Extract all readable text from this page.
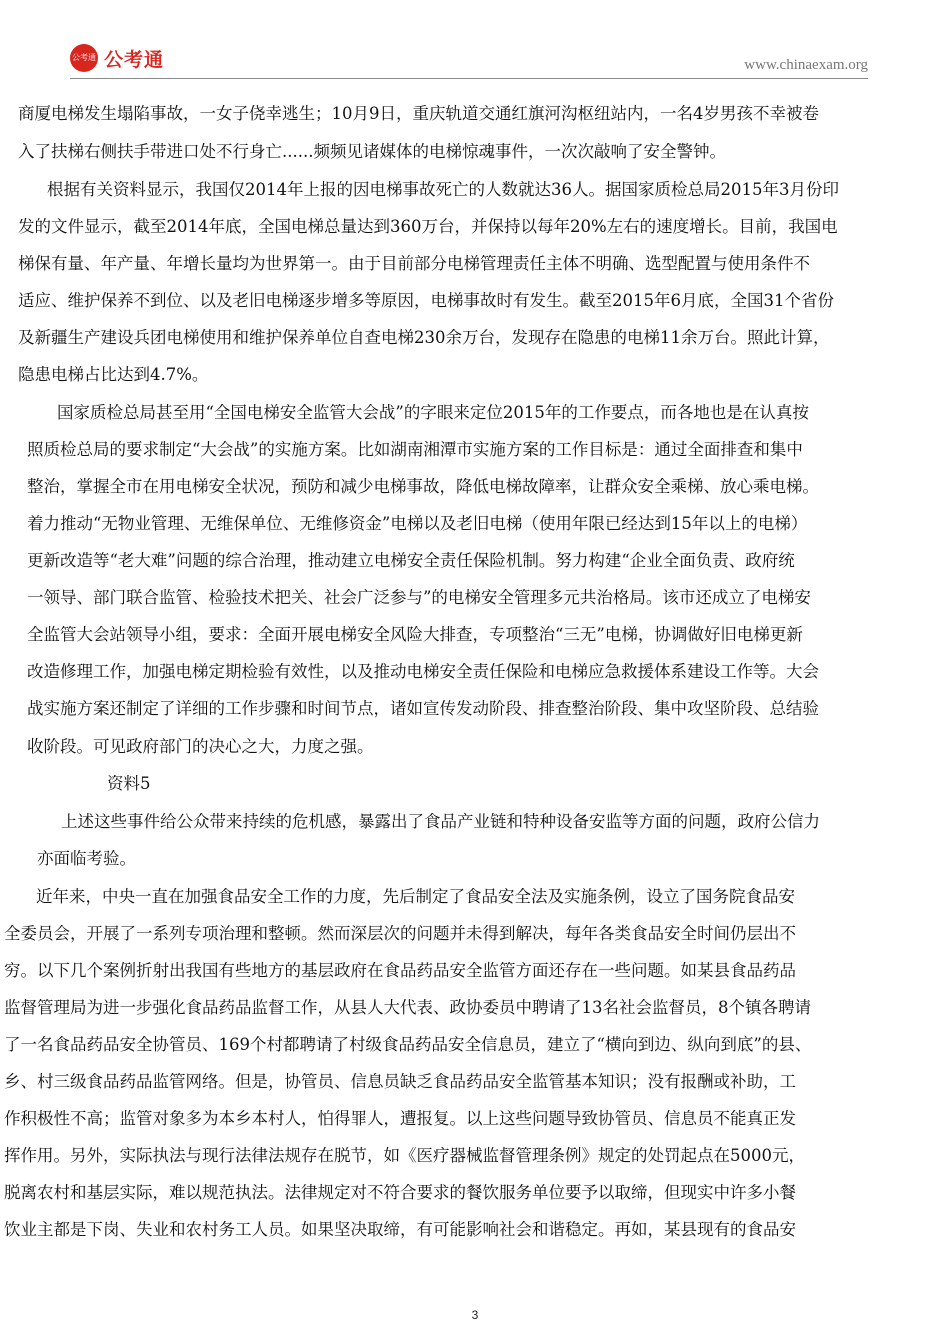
公考通 公考通	www.chinaexam.org
商厦电梯发生塌陷事故，一女子侥幸逃生；10月9日，重庆轨道交通红旗河沟枢纽站内，一名4岁男孩不幸被卷
入了扶梯右侧扶手带进口处不行身亡......频频见诸媒体的电梯惊魂事件，一次次敲响了安全警钟。
根据有关资料显示，我国仅2014年上报的因电梯事故死亡的人数就达36人。据国家质检总局2015年3月份印
发的文件显示，截至2014年底，全国电梯总量达到360万台，并保持以每年20%左右的速度增长。目前，我国电
梯保有量、年产量、年增长量均为世界第一。由于目前部分电梯管理责任主体不明确、选型配置与使用条件不
适应、维护保养不到位、以及老旧电梯逐步增多等原因，电梯事故时有发生。截至2015年6月底，全国31个省份
及新疆生产建设兵团电梯使用和维护保养单位自查电梯230余万台，发现存在隐患的电梯11余万台。照此计算，
隐患电梯占比达到4.7%。
国家质检总局甚至用“全国电梯安全监管大会战”的字眼来定位2015年的工作要点，而各地也是在认真按
照质检总局的要求制定“大会战”的实施方案。比如湖南湘潭市实施方案的工作目标是：通过全面排查和集中
整治，掌握全市在用电梯安全状况，预防和减少电梯事故，降低电梯故障率，让群众安全乘梯、放心乘电梯。
着力推动“无物业管理、无维保单位、无维修资金”电梯以及老旧电梯（使用年限已经达到15年以上的电梯）
更新改造等“老大难”问题的综合治理，推动建立电梯安全责任保险机制。努力构建“企业全面负责、政府统
一领导、部门联合监管、检验技术把关、社会广泛参与”的电梯安全管理多元共治格局。该市还成立了电梯安
全监管大会站领导小组，要求：全面开展电梯安全风险大排查，专项整治“三无”电梯，协调做好旧电梯更新
改造修理工作，加强电梯定期检验有效性，以及推动电梯安全责任保险和电梯应急救援体系建设工作等。大会
战实施方案还制定了详细的工作步骤和时间节点，诸如宣传发动阶段、排查整治阶段、集中攻坚阶段、总结验
收阶段。可见政府部门的决心之大，力度之强。
资料5
上述这些事件给公众带来持续的危机感，暴露出了食品产业链和特种设备安监等方面的问题，政府公信力
亦面临考验。
近年来，中央一直在加强食品安全工作的力度，先后制定了食品安全法及实施条例，设立了国务院食品安
全委员会，开展了一系列专项治理和整顿。然而深层次的问题并未得到解决，每年各类食品安全时间仍层出不
穷。以下几个案例折射出我国有些地方的基层政府在食品药品安全监管方面还存在一些问题。如某县食品药品
监督管理局为进一步强化食品药品监督工作，从县人大代表、政协委员中聘请了13名社会监督员，8个镇各聘请
了一名食品药品安全协管员、169个村都聘请了村级食品药品安全信息员，建立了“横向到边、纵向到底”的县、
乡、村三级食品药品监管网络。但是，协管员、信息员缺乏食品药品安全监管基本知识；没有报酬或补助，工
作积极性不高；监管对象多为本乡本村人，怕得罪人，遭报复。以上这些问题导致协管员、信息员不能真正发
挥作用。另外，实际执法与现行法律法规存在脱节，如《医疗器械监督管理条例》规定的处罚起点在5000元，
脱离农村和基层实际，难以规范执法。法律规定对不符合要求的餐饮服务单位要予以取缔，但现实中许多小餐
饮业主都是下岗、失业和农村务工人员。如果坚决取缔，有可能影响社会和谐稳定。再如，某县现有的食品安
3
